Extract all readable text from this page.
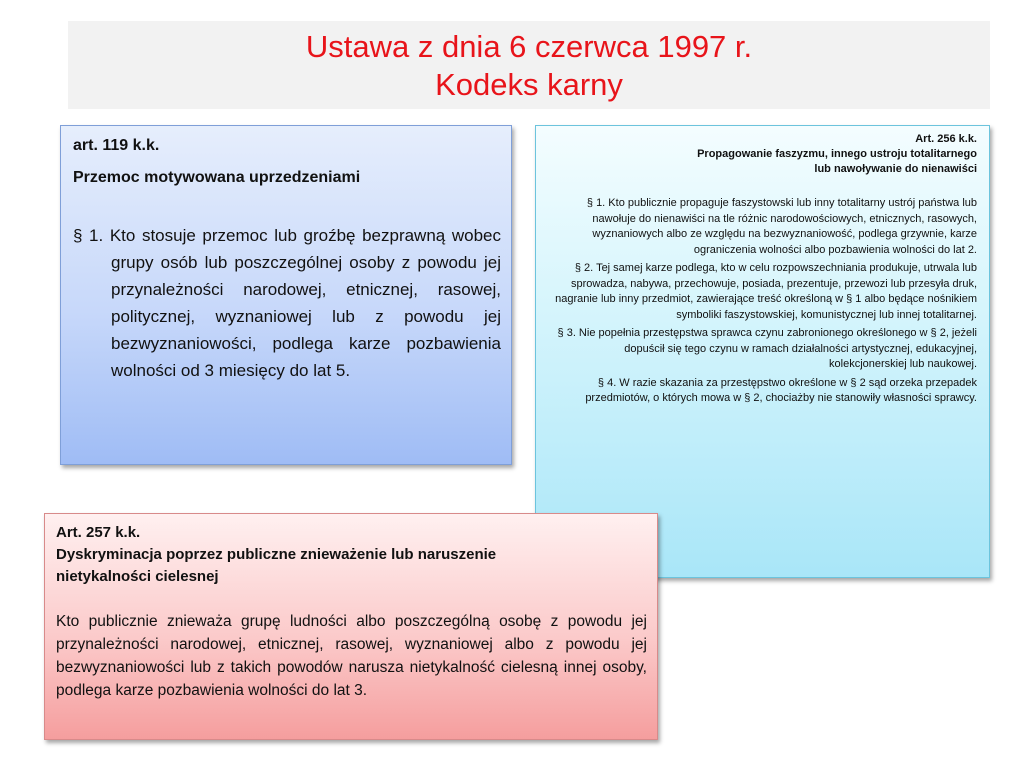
Ustawa z dnia 6 czerwca 1997 r.
Kodeks karny
art. 119 k.k.
Przemoc motywowana uprzedzeniami
§ 1. Kto stosuje przemoc lub groźbę bezprawną wobec grupy osób lub poszczególnej osoby z powodu jej przynależności narodowej, etnicznej, rasowej, politycznej, wyznaniowej lub z powodu jej bezwyznaniowości, podlega karze pozbawienia wolności od 3 miesięcy do lat 5.
Art. 256 k.k.
Propagowanie faszyzmu, innego ustroju totalitarnego
lub nawoływanie do nienawiści
§ 1. Kto publicznie propaguje faszystowski lub inny totalitarny ustrój państwa lub nawołuje do nienawiści na tle różnic narodowościowych, etnicznych, rasowych, wyznaniowych albo ze względu na bezwyznaniowość, podlega grzywnie, karze ograniczenia wolności albo pozbawienia wolności do lat 2.
§ 2. Tej samej karze podlega, kto w celu rozpowszechniania produkuje, utrwala lub sprowadza, nabywa, przechowuje, posiada, prezentuje, przewozi lub przesyła druk, nagranie lub inny przedmiot, zawierające treść określoną w § 1 albo będące nośnikiem symboliki faszystowskiej, komunistycznej lub innej totalitarnej.
§ 3. Nie popełnia przestępstwa sprawca czynu zabronionego określonego w § 2, jeżeli dopuścił się tego czynu w ramach działalności artystycznej, edukacyjnej, kolekcjonerskiej lub naukowej.
§ 4. W razie skazania za przestępstwo określone w § 2 sąd orzeka przepadek przedmiotów, o których mowa w § 2, chociażby nie stanowiły własności sprawcy.
Art. 257 k.k.
Dyskryminacja poprzez publiczne znieważenie lub naruszenie
nietykalności cielesnej
Kto publicznie znieważa grupę ludności albo poszczególną osobę z powodu jej przynależności narodowej, etnicznej, rasowej, wyznaniowej albo z powodu jej bezwyznaniowości lub z takich powodów narusza nietykalność cielesną innej osoby, podlega karze pozbawienia wolności do lat 3.
